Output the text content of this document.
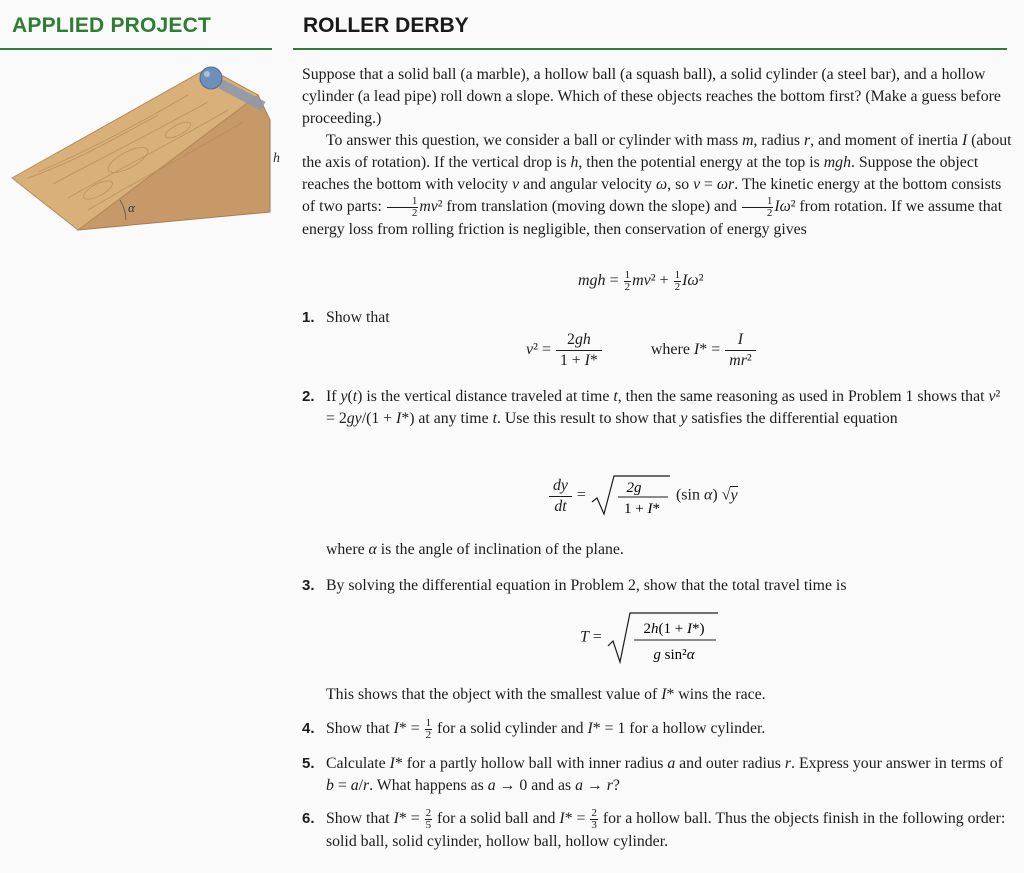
APPLIED PROJECT	ROLLER DERBY
α
h

Suppose that a solid ball (a marble), a hollow ball (a squash ball), a solid cylinder (a steel bar), and a hollow cylinder (a lead pipe) roll down a slope. Which of these objects reaches the bottom first? (Make a guess before proceeding.)

To answer this question, we consider a ball or cylinder with mass m, radius r, and moment of inertia I (about the axis of rotation). If the vertical drop is h, then the potential energy at the top is mgh. Suppose the object reaches the bottom with velocity v and angular velocity ω, so v = ωr. The kinetic energy at the bottom consists of two parts: $\frac{1}{2} mv^2$ from translation (moving down the slope) and $\frac{1}{2} I\omega^2$ from rotation. If we assume that energy loss from rolling friction is negligible, then conservation of energy gives

mgh = $\frac{1}{2} mv^2 + \frac{1}{2} I\omega^2$
1. Show that
$v^2 = \frac{2gh}{1 + I*}$	where $I* = \frac{I}{\text{mr²}}$
2. If y(t) is the vertical distance traveled at time t, then the same reasoning as used in Problem 1 shows that v² = 2gy/(1 + I*) at any time t. Use this result to show that y satisfies the differential equation
$\frac{dy}{dt} = 2g$
1 + I*
(sin α) √y
where α is the angle of inclination of the plane.
3. By solving the differential equation in Problem 2, show that the total travel time is
T =	2h(1 + I*)
g sin²α
This shows that the object with the smallest value of I* wins the race.
4. Show that $I* = \frac{1}{2}$ for a solid cylinder and I* = 1 for a hollow cylinder.
5. Calculate I* for a partly hollow ball with inner radius a and outer radius r. Express your answer in terms of b = a/r. What happens as a → 0 and as a → r?
6. Show that $I* = \frac{2}{5}$ for a solid ball and $I* = \frac{2}{3}$ for a hollow ball. Thus the objects finish in the following order: solid ball, solid cylinder, hollow ball, hollow cylinder.
